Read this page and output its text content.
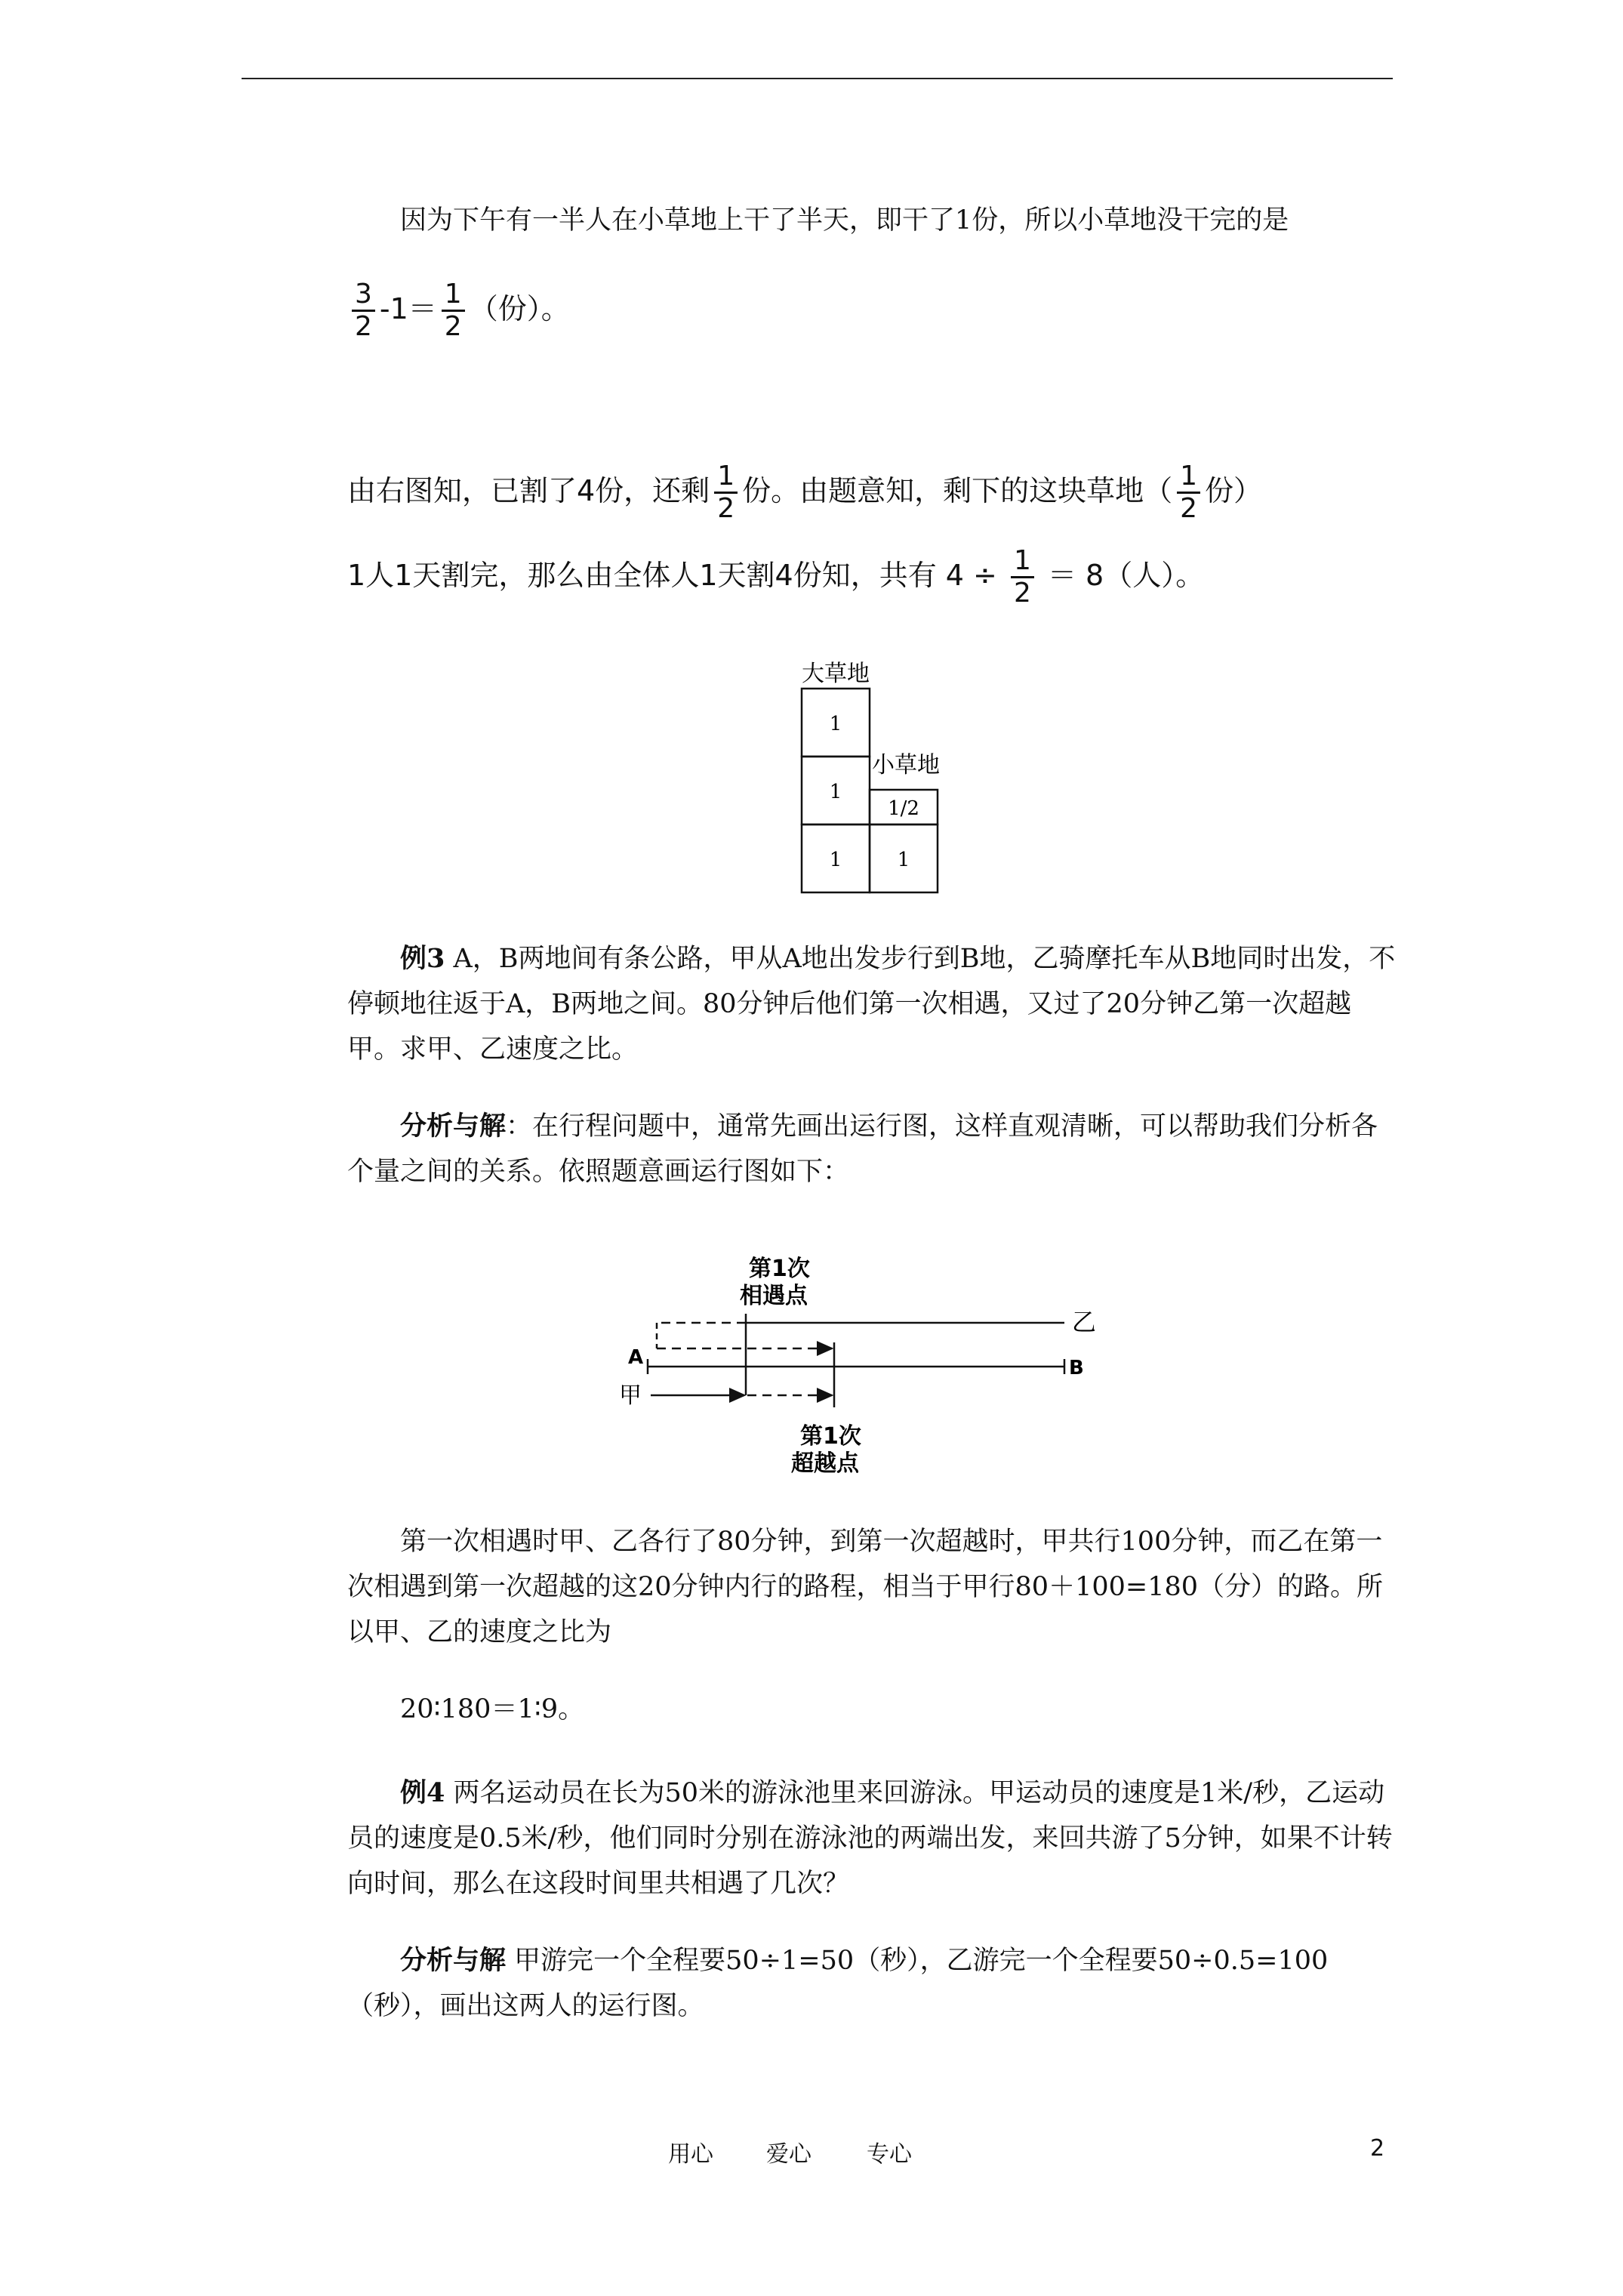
因为下午有一半人在小草地上干了半天，即干了1份，所以小草地没干完的是

$\frac{3}{2} -1= \frac{1}{2}$ （份）。
由右图知，已割了4份，还剩 $\frac{1}{2}$ 份。由题意知，剩下的这块草地（ $\frac{1}{2}$ 份）
1人1天割完，那么由全体人1天割4份知，共有 $4 \div \frac{1}{2} = 8$（人）。
大草地
小草地
1
1
1
1/2
1

例3 A，B两地间有条公路，甲从A地出发步行到B地，乙骑摩托车从B地同时出发，不停顿地往返于A，B两地之间。80分钟后他们第一次相遇，又过了20分钟乙第一次超越甲。求甲、乙速度之比。

分析与解：在行程问题中，通常先画出运行图，这样直观清晰，可以帮助我们分析各个量之间的关系。依照题意画运行图如下：

第1次
相遇点
乙
A	B
甲
第1次
超越点

第一次相遇时甲、乙各行了80分钟，到第一次超越时，甲共行100分钟，而乙在第一次相遇到第一次超越的这20分钟内行的路程，相当于甲行80＋100=180（分）的路。所以甲、乙的速度之比为

20∶180＝1∶9。

例4 两名运动员在长为50米的游泳池里来回游泳。甲运动员的速度是1米/秒，乙运动员的速度是0.5米/秒，他们同时分别在游泳池的两端出发，来回共游了5分钟，如果不计转向时间，那么在这段时间里共相遇了几次？

分析与解 甲游完一个全程要50÷1=50（秒），乙游完一个全程要50÷0.5=100（秒），画出这两人的运行图。

用心 爱心 专心	2
